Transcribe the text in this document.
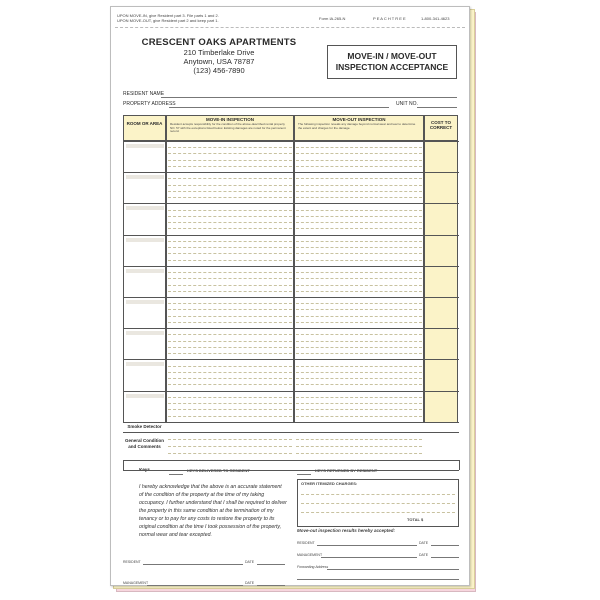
UPON MOVE-IN, give Resident part 3. File parts 1 and 2.
UPON MOVE-OUT, give Resident part 2 and keep part 1.	Form IA-265-N	P E A C H T R E E	1-800-341-4623
CRESCENT OAKS APARTMENTS
210 Timberlake Drive
Anytown, USA 78787
(123) 456-7890
MOVE-IN / MOVE-OUT
INSPECTION ACCEPTANCE
RESIDENT NAME
PROPERTY ADDRESS	UNIT NO.
ROOM OR AREA
MOVE-IN INSPECTION
Resident accepts responsibility for the condition of the above-described rental property NO. 57 with the exceptions listed below. Existing damages are noted for the permanent record.
MOVE-OUT INSPECTION
The following inspection reveals any damage beyond normal wear and tear to determine the extent and charges for the damage.
COST TO CORRECT
Smoke Detector
General Condition and Comments
Keys	KEYS DELIVERED TO RESIDENT	KEYS RETURNED BY RESIDENT
I hereby acknowledge that the above is an accurate statement of the condition of the property at the time of my taking occupancy. I further understand that I shall be required to deliver the property in this same condition at the termination of my tenancy or to pay for any costs to restore the property to its original condition at the time I took possession of the property, normal wear and tear excepted.
OTHER ITEMIZED CHARGES:
TOTAL $
Move-out inspection results hereby accepted:
RESIDENT	DATE
MANAGEMENT	DATE
RESIDENT	DATE
MANAGEMENT	DATE
Forwarding Address
